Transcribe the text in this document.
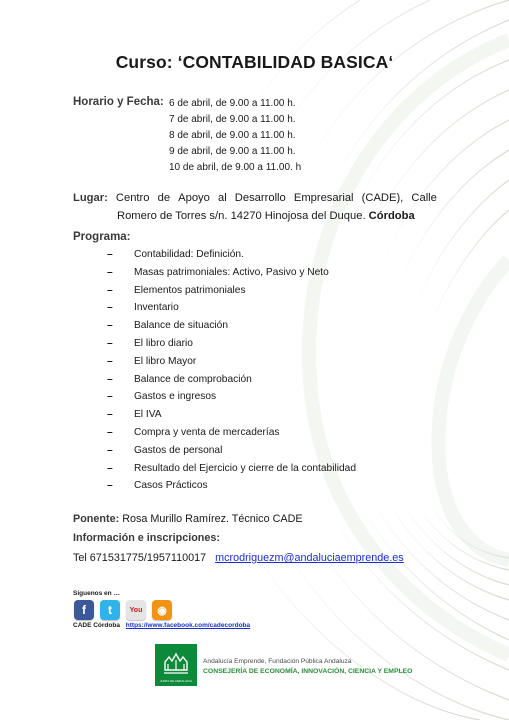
Curso: ‘CONTABILIDAD BASICA‘
Horario y Fecha: 6 de abril, de 9.00 a 11.00 h.
7 de abril, de 9.00 a 11.00 h.
8 de abril, de 9.00 a 11.00 h.
9 de abril, de 9.00 a 11.00 h.
10 de abril, de 9.00 a 11.00. h
Lugar: Centro de Apoyo al Desarrollo Empresarial (CADE), Calle
Romero de Torres s/n. 14270 Hinojosa del Duque. Córdoba
Programa:
–	Contabilidad: Definición.
–	Masas patrimoniales: Activo, Pasivo y Neto
–	Elementos patrimoniales
–	Inventario
–	Balance de situación
–	El libro diario
–	El libro Mayor
–	Balance de comprobación
–	Gastos e ingresos
–	El IVA
–	Compra y venta de mercaderías
–	Gastos de personal
–	Resultado del Ejercicio y cierre de la contabilidad
–	Casos Prácticos
Ponente: Rosa Murillo Ramírez. Técnico CADE
Información e inscripciones:
Tel 671531775/1957110017 mcrodriguezm@andaluciaemprende.es
Síguenos en …
f	t	You	◉
CADE Córdoba https://www.facebook.com/cadecordoba
JUNTA DE ANDALUCIA
Andalucía Emprende, Fundación Pública Andaluza
CONSEJERÍA DE ECONOMÍA, INNOVACIÓN, CIENCIA Y EMPLEO
